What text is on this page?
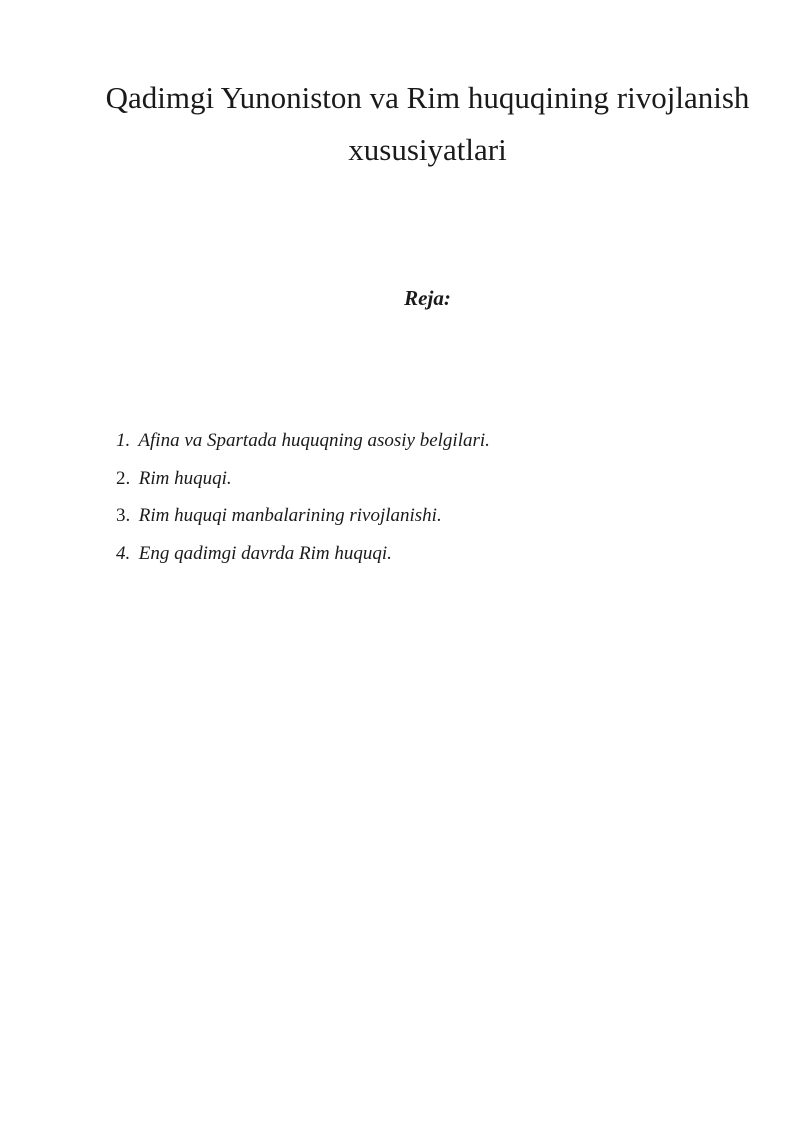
Qadimgi Yunoniston va Rim huquqining rivojlanish
xususiyatlari
Reja:
1. Afina va Spartada huquqning asosiy belgilari.
2. Rim huquqi.
3. Rim huquqi manbalarining rivojlanishi.
4. Eng qadimgi davrda Rim huquqi.
